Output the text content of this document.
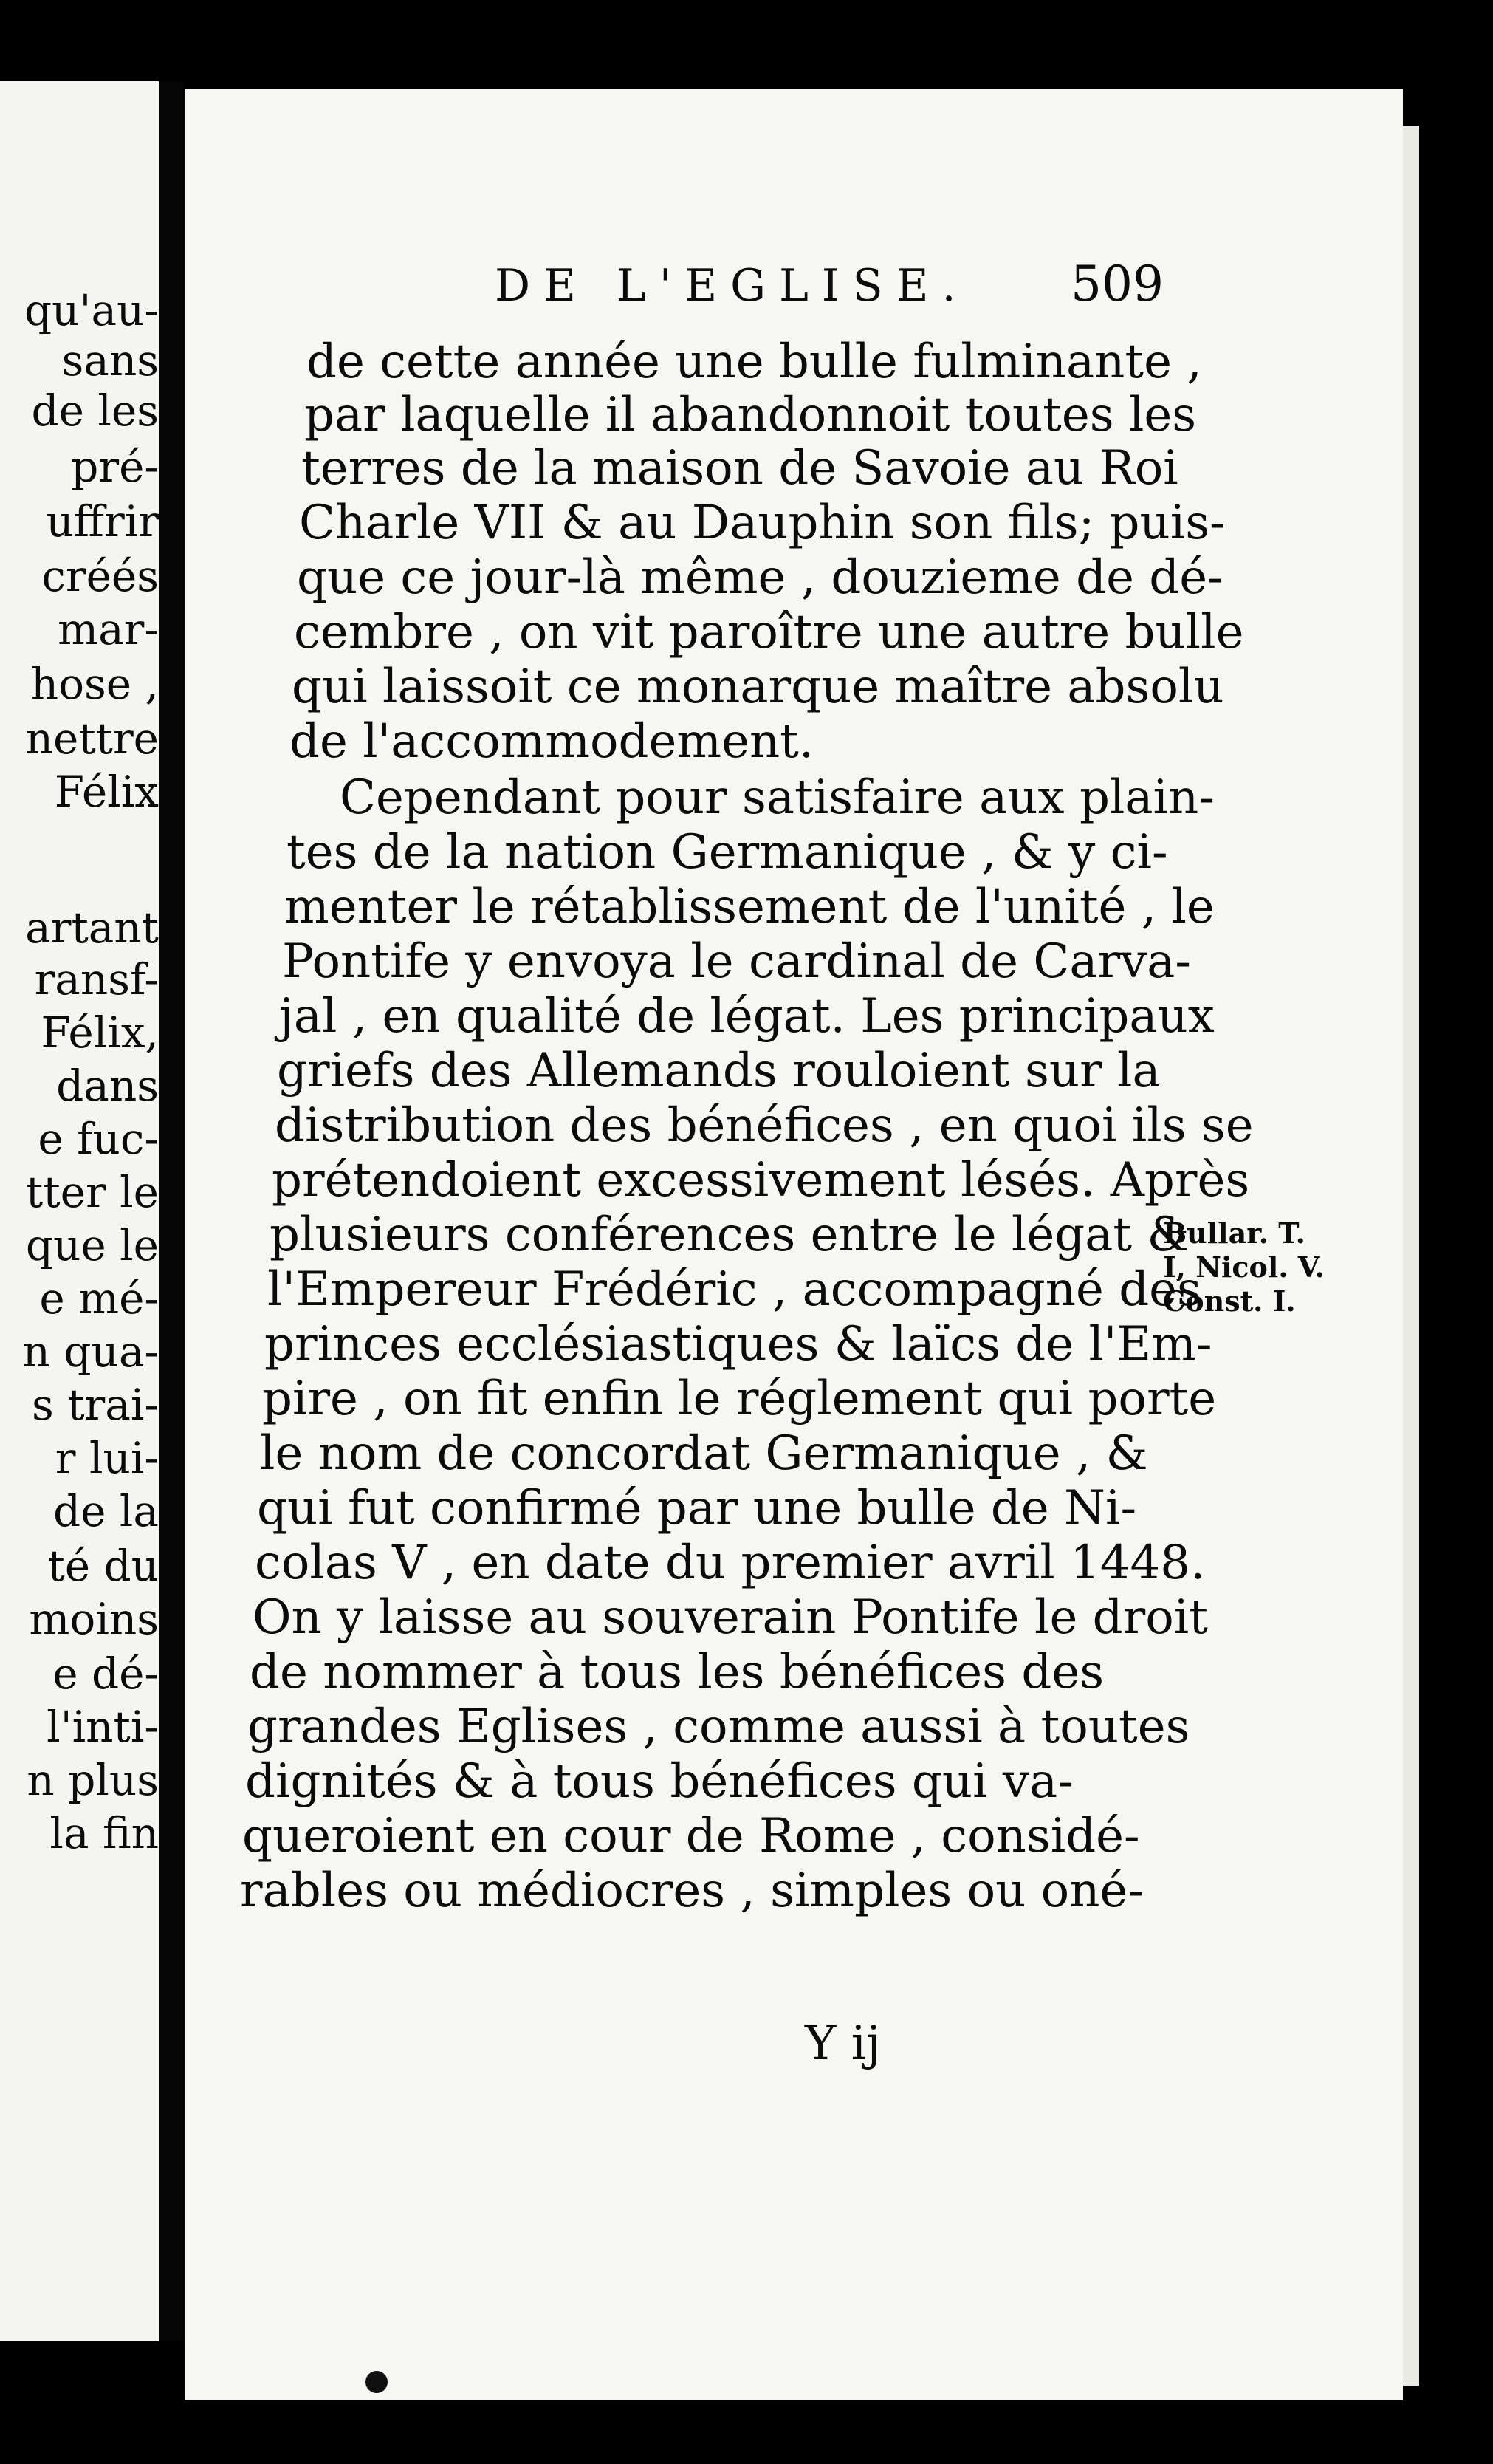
qu'au-
sans
de les
pré-
uffrir
créés
mar-
hose ,
nettre
Félix
artant
ransf-
Félix,
dans
e fuc-
tter le
que le
e mé-
n qua-
s trai-
r lui-
de la
té du
moins
e dé-
l'inti-
n plus
la fin
DE L'EGLISE. 509
de cette année une bulle fulminante ,
par laquelle il abandonnoit toutes les
terres de la maison de Savoie au Roi
Charle VII & au Dauphin son fils; puis-
que ce jour-là même , douzieme de dé-
cembre , on vit paroître une autre bulle
qui laissoit ce monarque maître absolu
de l'accommodement.
Cependant pour satisfaire aux plain-
tes de la nation Germanique , & y ci-
menter le rétablissement de l'unité , le
Pontife y envoya le cardinal de Carva-
jal , en qualité de légat. Les principaux
griefs des Allemands rouloient sur la
distribution des bénéfices , en quoi ils se
prétendoient excessivement lésés. Après
plusieurs conférences entre le légat &
l'Empereur Frédéric , accompagné des
princes ecclésiastiques & laïcs de l'Em-
pire , on fit enfin le réglement qui porte
le nom de concordat Germanique , &
qui fut confirmé par une bulle de Ni-
colas V , en date du premier avril 1448.
On y laisse au souverain Pontife le droit
de nommer à tous les bénéfices des
grandes Eglises , comme aussi à toutes
dignités & à tous bénéfices qui va-
queroient en cour de Rome , considé-
rables ou médiocres , simples ou oné-
Y ij
Bullar. T.
I, Nicol. V.
Const. I.
